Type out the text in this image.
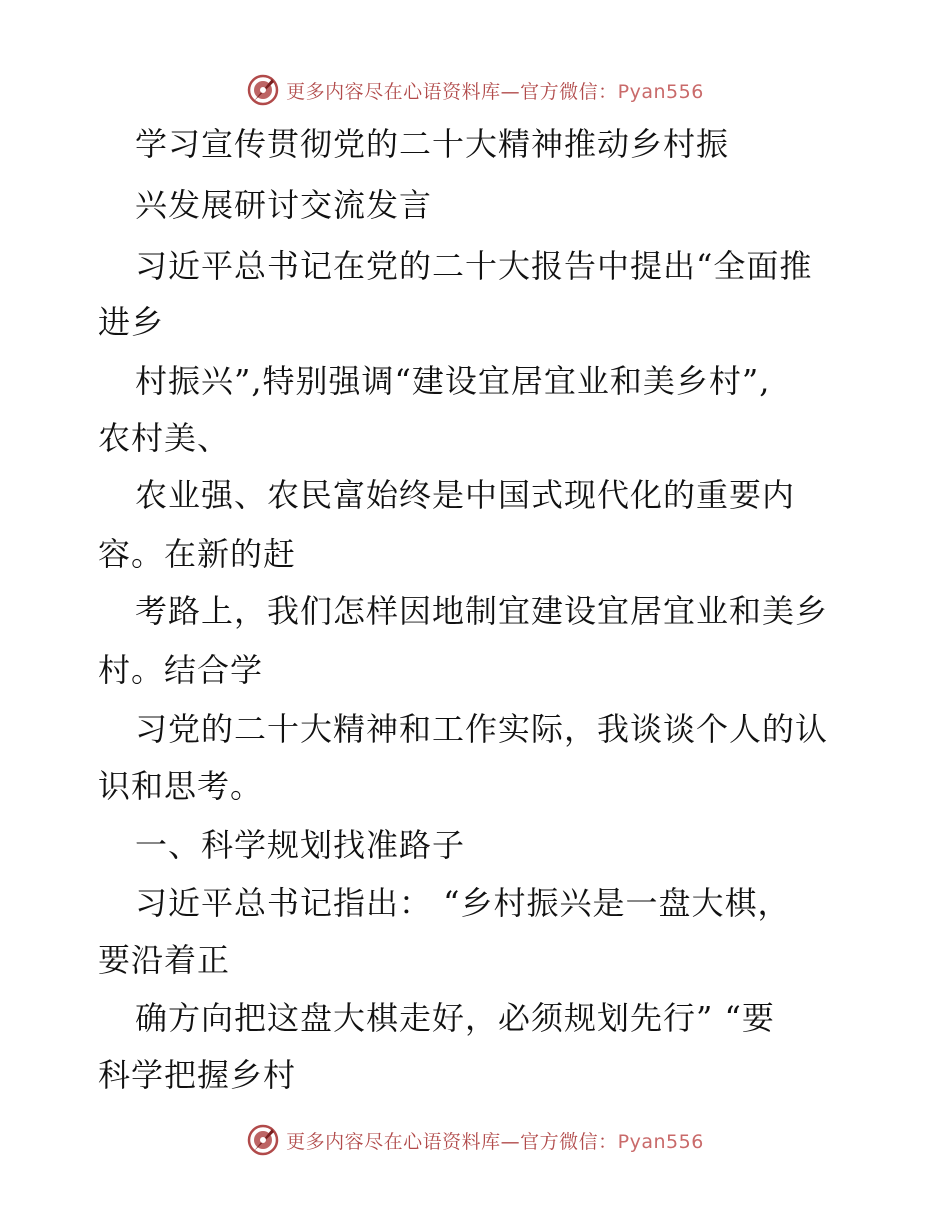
更多内容尽在心语资料库—官方微信：Pyan556
学习宣传贯彻党的二十大精神推动乡村振
兴发展研讨交流发言
习近平总书记在党的二十大报告中提出“全面推
进乡
村振兴”,特别强调“建设宜居宜业和美乡村”,
农村美、
农业强、农民富始终是中国式现代化的重要内
容。在新的赶
考路上，我们怎样因地制宜建设宜居宜业和美乡
村。结合学
习党的二十大精神和工作实际，我谈谈个人的认
识和思考。
一、科学规划找准路子
习近平总书记指出： “乡村振兴是一盘大棋，
要沿着正
确方向把这盘大棋走好，必须规划先行” “要
科学把握乡村
更多内容尽在心语资料库—官方微信：Pyan556
